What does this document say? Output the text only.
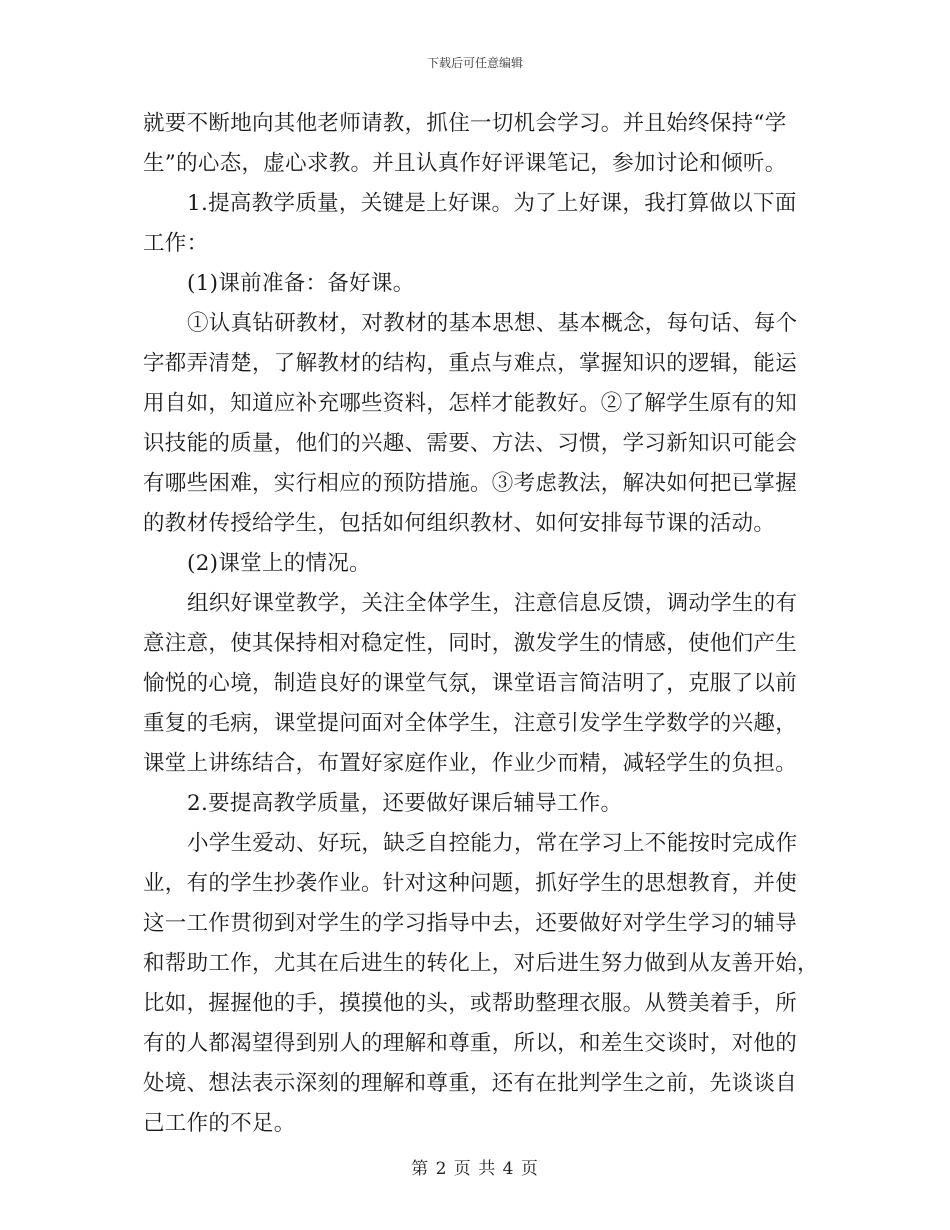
下载后可任意编辑
就要不断地向其他老师请教，抓住一切机会学习。并且始终保持“学
生”的心态，虚心求教。并且认真作好评课笔记，参加讨论和倾听。
1.提高教学质量，关键是上好课。为了上好课，我打算做以下面
工作：
(1)课前准备：备好课。
①认真钻研教材，对教材的基本思想、基本概念，每句话、每个
字都弄清楚，了解教材的结构，重点与难点，掌握知识的逻辑，能运
用自如，知道应补充哪些资料，怎样才能教好。②了解学生原有的知
识技能的质量，他们的兴趣、需要、方法、习惯，学习新知识可能会
有哪些困难，实行相应的预防措施。③考虑教法，解决如何把已掌握
的教材传授给学生，包括如何组织教材、如何安排每节课的活动。
(2)课堂上的情况。
组织好课堂教学，关注全体学生，注意信息反馈，调动学生的有
意注意，使其保持相对稳定性，同时，激发学生的情感，使他们产生
愉悦的心境，制造良好的课堂气氛，课堂语言简洁明了，克服了以前
重复的毛病，课堂提问面对全体学生，注意引发学生学数学的兴趣，
课堂上讲练结合，布置好家庭作业，作业少而精，减轻学生的负担。
2.要提高教学质量，还要做好课后辅导工作。
小学生爱动、好玩，缺乏自控能力，常在学习上不能按时完成作
业，有的学生抄袭作业。针对这种问题，抓好学生的思想教育，并使
这一工作贯彻到对学生的学习指导中去，还要做好对学生学习的辅导
和帮助工作，尤其在后进生的转化上，对后进生努力做到从友善开始，
比如，握握他的手，摸摸他的头，或帮助整理衣服。从赞美着手，所
有的人都渴望得到别人的理解和尊重，所以，和差生交谈时，对他的
处境、想法表示深刻的理解和尊重，还有在批判学生之前，先谈谈自
己工作的不足。
第 2 页 共 4 页
